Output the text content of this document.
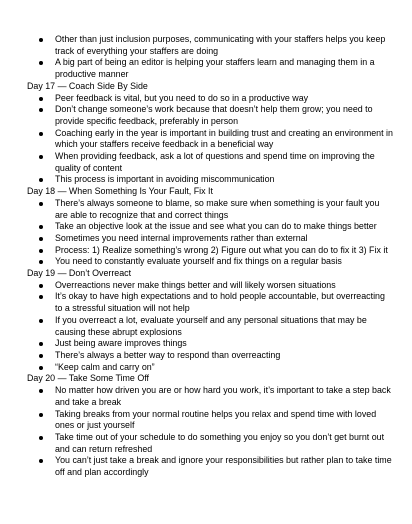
Other than just inclusion purposes, communicating with your staffers helps you keep track of everything your staffers are doing
A big part of being an editor is helping your staffers learn and managing them in a productive manner
Day 17 — Coach Side By Side
Peer feedback is vital, but you need to do so in a productive way
Don’t change someone’s work because that doesn’t help them grow; you need to provide specific feedback, preferably in person
Coaching early in the year is important in building trust and creating an environment in which your staffers receive feedback in a beneficial way
When providing feedback, ask a lot of questions and spend time on improving the quality of content
This process is important in avoiding miscommunication
Day 18 — When Something Is Your Fault, Fix It
There’s always someone to blame, so make sure when something is your fault you are able to recognize that and correct things
Take an objective look at the issue and see what you can do to make things better
Sometimes you need internal improvements rather than external
Process: 1) Realize something’s wrong 2) Figure out what you can do to fix it 3) Fix it
You need to constantly evaluate yourself and fix things on a regular basis
Day 19 — Don’t Overreact
Overreactions never make things better and will likely worsen situations
It’s okay to have high expectations and to hold people accountable, but overreacting to a stressful situation will not help
If you overreact a lot, evaluate yourself and any personal situations that may be causing these abrupt explosions
Just being aware improves things
There’s always a better way to respond than overreacting
“Keep calm and carry on”
Day 20 — Take Some Time Off
No matter how driven you are or how hard you work, it’s important to take a step back and take a break
Taking breaks from your normal routine helps you relax and spend time with loved ones or just yourself
Take time out of your schedule to do something you enjoy so you don’t get burnt out and can return refreshed
You can’t just take a break and ignore your responsibilities but rather plan to take time off and plan accordingly
